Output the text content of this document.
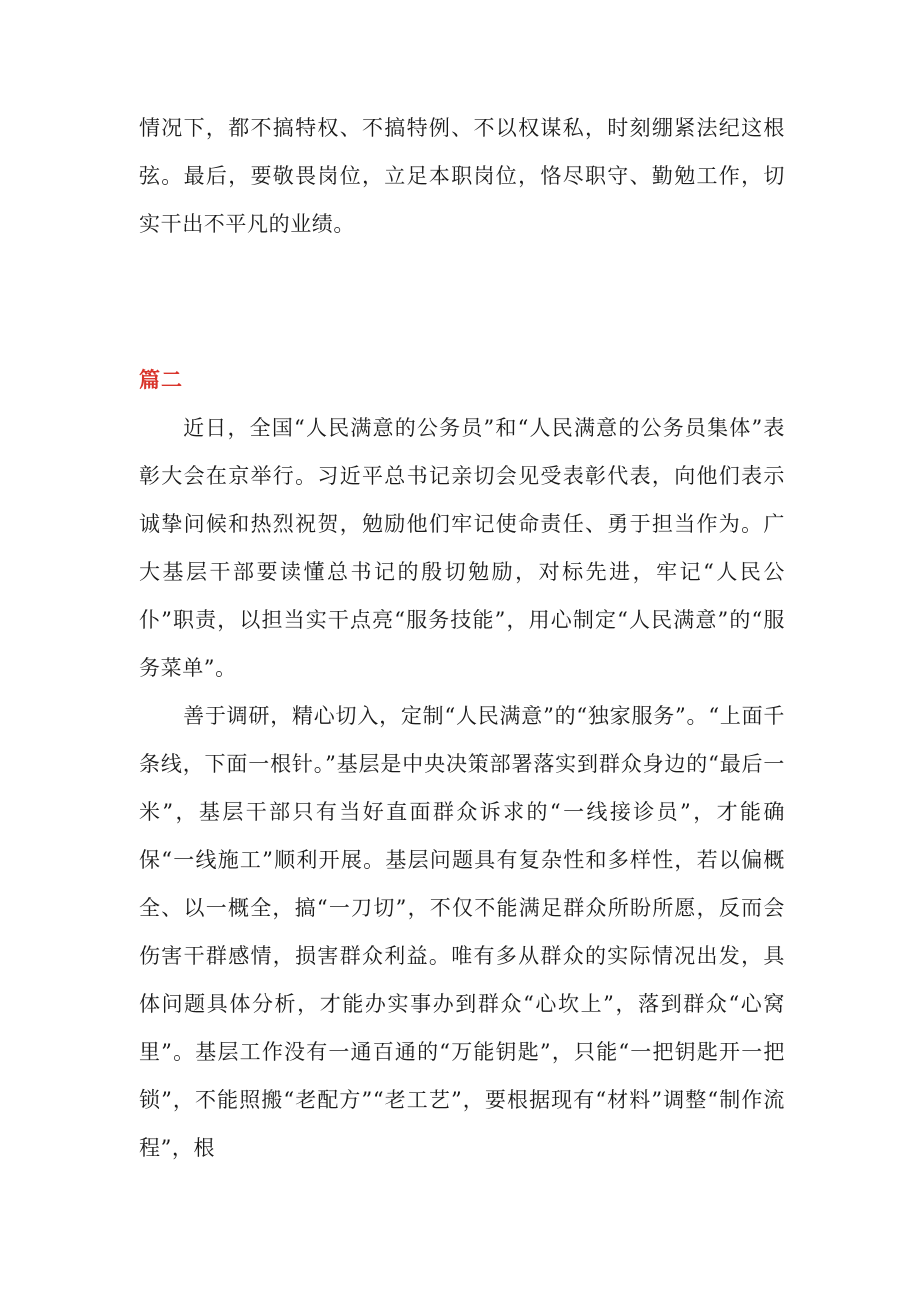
情况下，都不搞特权、不搞特例、不以权谋私，时刻绷紧法纪这根弦。最后，要敬畏岗位，立足本职岗位，恪尽职守、勤勉工作，切实干出不平凡的业绩。

篇二

近日，全国“人民满意的公务员”和“人民满意的公务员集体”表彰大会在京举行。习近平总书记亲切会见受表彰代表，向他们表示诚挚问候和热烈祝贺，勉励他们牢记使命责任、勇于担当作为。广大基层干部要读懂总书记的殷切勉励，对标先进，牢记“人民公仆”职责，以担当实干点亮“服务技能”，用心制定“人民满意”的“服务菜单”。

善于调研，精心切入，定制“人民满意”的“独家服务”。“上面千条线，下面一根针。”基层是中央决策部署落实到群众身边的“最后一米”，基层干部只有当好直面群众诉求的“一线接诊员”，才能确保“一线施工”顺利开展。基层问题具有复杂性和多样性，若以偏概全、以一概全，搞“一刀切”，不仅不能满足群众所盼所愿，反而会伤害干群感情，损害群众利益。唯有多从群众的实际情况出发，具体问题具体分析，才能办实事办到群众“心坎上”，落到群众“心窝里”。基层工作没有一通百通的“万能钥匙”，只能“一把钥匙开一把锁”，不能照搬“老配方”“老工艺”，要根据现有“材料”调整“制作流程”，根
